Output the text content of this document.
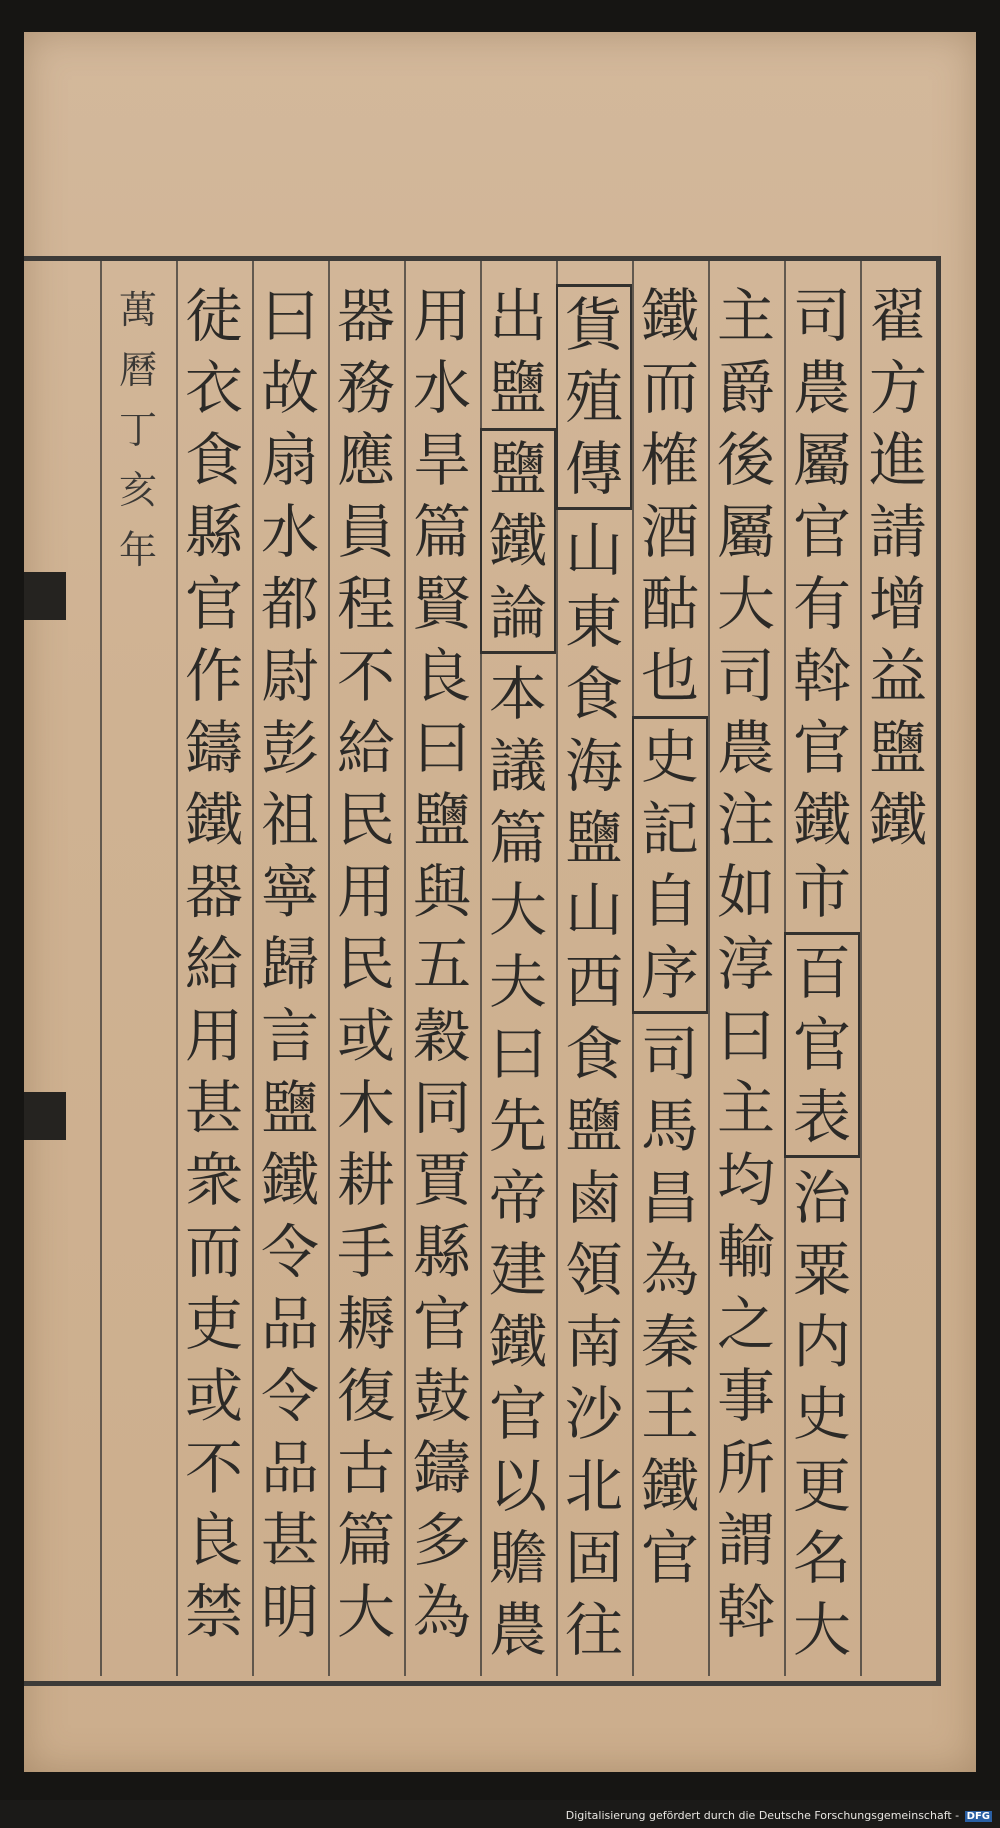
翟
方
進
請
增
益
鹽
鐵
司
農
屬
官
有
斡
官
鐵
市
百
官
表
治
粟
内
史
更
名
大
主
爵
後
屬
大
司
農
注
如
淳
曰
主
均
輸
之
事
所
謂
斡
鐵
而
榷
酒
酤
也
史
記
自
序
司
馬
昌
為
秦
王
鐵
官
貨
殖
傳
山
東
食
海
鹽
山
西
食
鹽
鹵
領
南
沙
北
固
往
出
鹽
鹽
鐵
論
本
議
篇
大
夫
曰
先
帝
建
鐵
官
以
贍
農
用
水
旱
篇
賢
良
曰
鹽
與
五
穀
同
賈
縣
官
鼓
鑄
多
為
器
務
應
員
程
不
給
民
用
民
或
木
耕
手
耨
復
古
篇
大
曰
故
扇
水
都
尉
彭
祖
寧
歸
言
鹽
鐵
令
品
令
品
甚
明
徒
衣
食
縣
官
作
鑄
鐵
器
給
用
甚
衆
而
吏
或
不
良
禁
萬
曆
丁
亥
年
Digitalisierung gefördert durch die Deutsche Forschungsgemeinschaft - DFG
